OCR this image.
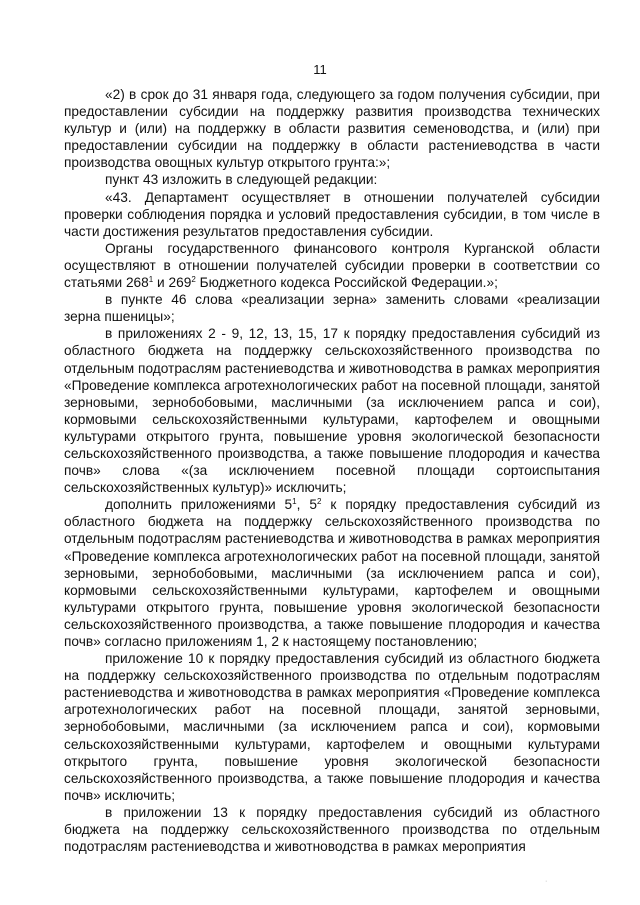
11

«2) в срок до 31 января года, следующего за годом получения субсидии, при предоставлении субсидии на поддержку развития производства технических культур и (или) на поддержку в области развития семеноводства, и (или) при предоставлении субсидии на поддержку в области растениеводства в части производства овощных культур открытого грунта:»;

пункт 43 изложить в следующей редакции:

«43. Департамент осуществляет в отношении получателей субсидии проверки соблюдения порядка и условий предоставления субсидии, в том числе в части достижения результатов предоставления субсидии.

Органы государственного финансового контроля Курганской области осуществляют в отношении получателей субсидии проверки в соответствии со статьями $268^1$ и $269^2$ Бюджетного кодекса Российской Федерации.»;

в пункте 46 слова «реализации зерна» заменить словами «реализации зерна пшеницы»;

в приложениях 2 - 9, 12, 13, 15, 17 к порядку предоставления субсидий из областного бюджета на поддержку сельскохозяйственного производства по отдельным подотраслям растениеводства и животноводства в рамках мероприятия «Проведение комплекса агротехнологических работ на посевной площади, занятой зерновыми, зернобобовыми, масличными (за исключением рапса и сои), кормовыми сельскохозяйственными культурами, картофелем и овощными культурами открытого грунта, повышение уровня экологической безопасности сельскохозяйственного производства, а также повышение плодородия и качества почв» слова «(за исключением посевной площади сортоиспытания сельскохозяйственных культур)» исключить;

дополнить приложениями $5^1$, $5^2$ к порядку предоставления субсидий из областного бюджета на поддержку сельскохозяйственного производства по отдельным подотраслям растениеводства и животноводства в рамках мероприятия «Проведение комплекса агротехнологических работ на посевной площади, занятой зерновыми, зернобобовыми, масличными (за исключением рапса и сои), кормовыми сельскохозяйственными культурами, картофелем и овощными культурами открытого грунта, повышение уровня экологической безопасности сельскохозяйственного производства, а также повышение плодородия и качества почв» согласно приложениям 1, 2 к настоящему постановлению;

приложение 10 к порядку предоставления субсидий из областного бюджета на поддержку сельскохозяйственного производства по отдельным подотраслям растениеводства и животноводства в рамках мероприятия «Проведение комплекса агротехнологических работ на посевной площади, занятой зерновыми, зернобобовыми, масличными (за исключением рапса и сои), кормовыми сельскохозяйственными культурами, картофелем и овощными культурами открытого грунта, повышение уровня экологической безопасности сельскохозяйственного производства, а также повышение плодородия и качества почв» исключить;

в приложении 13 к порядку предоставления субсидий из областного бюджета на поддержку сельскохозяйственного производства по отдельным подотраслям растениеводства и животноводства в рамках мероприятия

·
